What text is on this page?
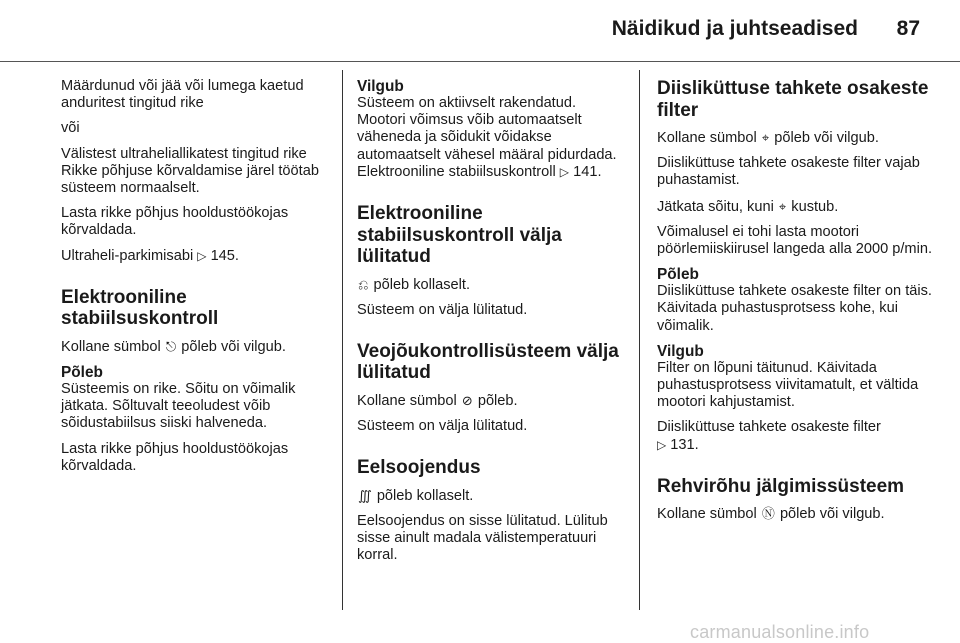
Näidikud ja juhtseadised 87

Määrdunud või jää või lumega kaetud anduritest tingitud rike

või

Välistest ultraheliallikatest tingitud rike Rikke põhjuse kõrvaldamise järel töötab süsteem normaalselt.

Lasta rikke põhjus hooldustöökojas kõrvaldada.

Ultraheli-parkimisabi ▷ 145.

Elektrooniline stabiilsuskontroll

Kollane sümbol ⎋ põleb või vilgub.

Põleb

Süsteemis on rike. Sõitu on võimalik jätkata. Sõltuvalt teeoludest võib sõidustabiilsus siiski halveneda.

Lasta rikke põhjus hooldustöökojas kõrvaldada.

Vilgub

Süsteem on aktiivselt rakendatud. Mootori võimsus võib automaatselt väheneda ja sõidukit võidakse automaatselt vähesel määral pidurdada. Elektrooniline stabiilsuskontroll ▷ 141.

Elektrooniline stabiilsuskontroll välja lülitatud

⎌ põleb kollaselt.

Süsteem on välja lülitatud.

Veojõukontrollisüsteem välja lülitatud

Kollane sümbol ⊘ põleb.

Süsteem on välja lülitatud.

Eelsoojendus

∭ põleb kollaselt.

Eelsoojendus on sisse lülitatud. Lülitub sisse ainult madala välistemperatuuri korral.

Diisliküttuse tahkete osakeste filter

Kollane sümbol ⌖ põleb või vilgub.

Diisliküttuse tahkete osakeste filter vajab puhastamist.

Jätkata sõitu, kuni ⌖ kustub.

Võimalusel ei tohi lasta mootori pöörlemiiskiirusel langeda alla 2000 p/min.

Põleb

Diisliküttuse tahkete osakeste filter on täis. Käivitada puhastusprotsess kohe, kui võimalik.

Vilgub

Filter on lõpuni täitunud. Käivitada puhastusprotsess viivitamatult, et vältida mootori kahjustamist.

Diisliküttuse tahkete osakeste filter
▷ 131.

Rehvirõhu jälgimissüsteem

Kollane sümbol Ⓝ põleb või vilgub.

carmanualsonline.info
